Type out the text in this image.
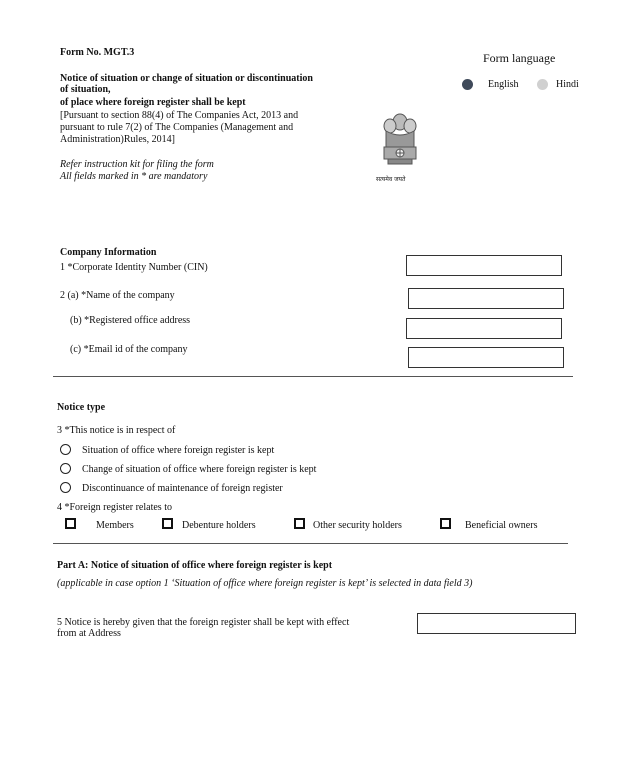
Form No. MGT.3
Notice of situation or change of situation or discontinuation
of situation,
of place where foreign register shall be kept
[Pursuant to section 88(4) of The Companies Act, 2013 and
pursuant to rule 7(2) of The Companies (Management and
Administration)Rules, 2014]
Refer instruction kit for filing the form
All fields marked in * are mandatory	सत्यमेव जयते
Form language
English	Hindi
Company Information
1 *Corporate Identity Number (CIN)
2 (a) *Name of the company
(b) *Registered office address
(c) *Email id of the company
Notice type
3 *This notice is in respect of
Situation of office where foreign register is kept
Change of situation of office where foreign register is kept
Discontinuance of maintenance of foreign register
4 *Foreign register relates to
Members	Debenture holders	Other security holders	Beneficial owners
Part A: Notice of situation of office where foreign register is kept
(applicable in case option 1 ‘Situation of office where foreign register is kept’ is selected in data field 3)
5 Notice is hereby given that the foreign register shall be kept with effect
from at Address
